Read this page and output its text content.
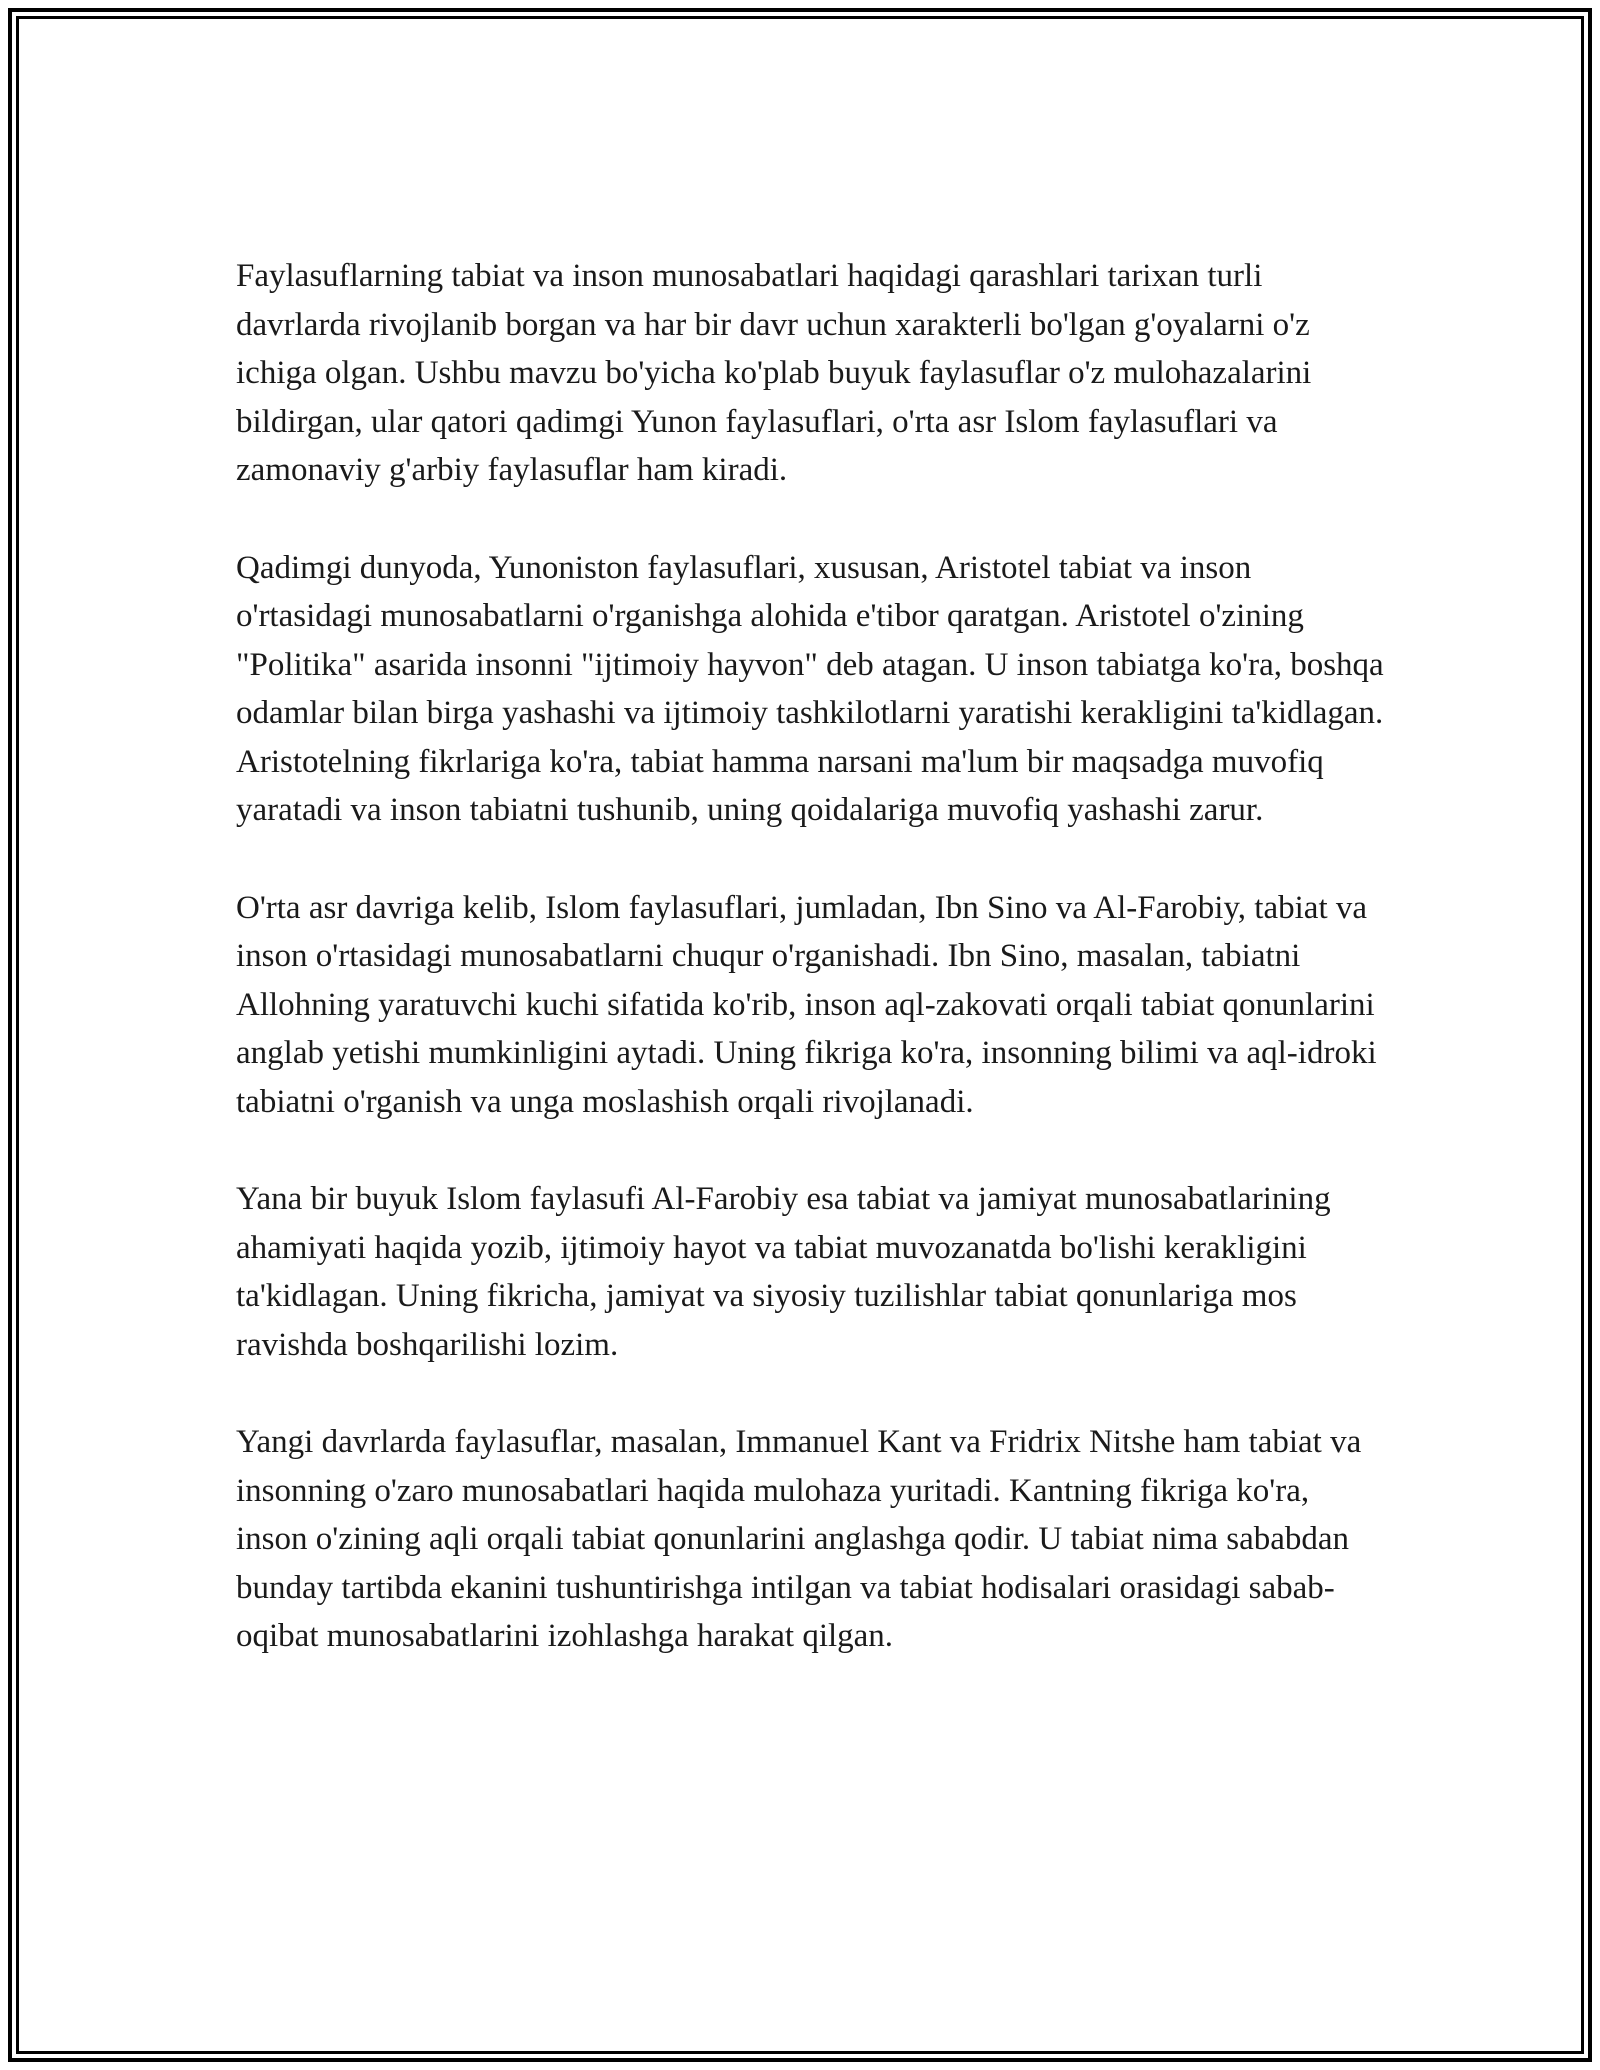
Faylasuflarning tabiat va inson munosabatlari haqidagi qarashlari tarixan turli davrlarda rivojlanib borgan va har bir davr uchun xarakterli bo'lgan g'oyalarni o'z ichiga olgan. Ushbu mavzu bo'yicha ko'plab buyuk faylasuflar o'z mulohazalarini bildirgan, ular qatori qadimgi Yunon faylasuflari, o'rta asr Islom faylasuflari va zamonaviy g'arbiy faylasuflar ham kiradi.

Qadimgi dunyoda, Yunoniston faylasuflari, xususan, Aristotel tabiat va inson o'rtasidagi munosabatlarni o'rganishga alohida e'tibor qaratgan. Aristotel o'zining "Politika" asarida insonni "ijtimoiy hayvon" deb atagan. U inson tabiatga ko'ra, boshqa odamlar bilan birga yashashi va ijtimoiy tashkilotlarni yaratishi kerakligini ta'kidlagan. Aristotelning fikrlariga ko'ra, tabiat hamma narsani ma'lum bir maqsadga muvofiq yaratadi va inson tabiatni tushunib, uning qoidalariga muvofiq yashashi zarur.

O'rta asr davriga kelib, Islom faylasuflari, jumladan, Ibn Sino va Al-Farobiy, tabiat va inson o'rtasidagi munosabatlarni chuqur o'rganishadi. Ibn Sino, masalan, tabiatni Allohning yaratuvchi kuchi sifatida ko'rib, inson aql-zakovati orqali tabiat qonunlarini anglab yetishi mumkinligini aytadi. Uning fikriga ko'ra, insonning bilimi va aql-idroki tabiatni o'rganish va unga moslashish orqali rivojlanadi.

Yana bir buyuk Islom faylasufi Al-Farobiy esa tabiat va jamiyat munosabatlarining ahamiyati haqida yozib, ijtimoiy hayot va tabiat muvozanatda bo'lishi kerakligini ta'kidlagan. Uning fikricha, jamiyat va siyosiy tuzilishlar tabiat qonunlariga mos ravishda boshqarilishi lozim.

Yangi davrlarda faylasuflar, masalan, Immanuel Kant va Fridrix Nitshe ham tabiat va insonning o'zaro munosabatlari haqida mulohaza yuritadi. Kantning fikriga ko'ra, inson o'zining aqli orqali tabiat qonunlarini anglashga qodir. U tabiat nima sababdan bunday tartibda ekanini tushuntirishga intilgan va tabiat hodisalari orasidagi sabab-oqibat munosabatlarini izohlashga harakat qilgan.
